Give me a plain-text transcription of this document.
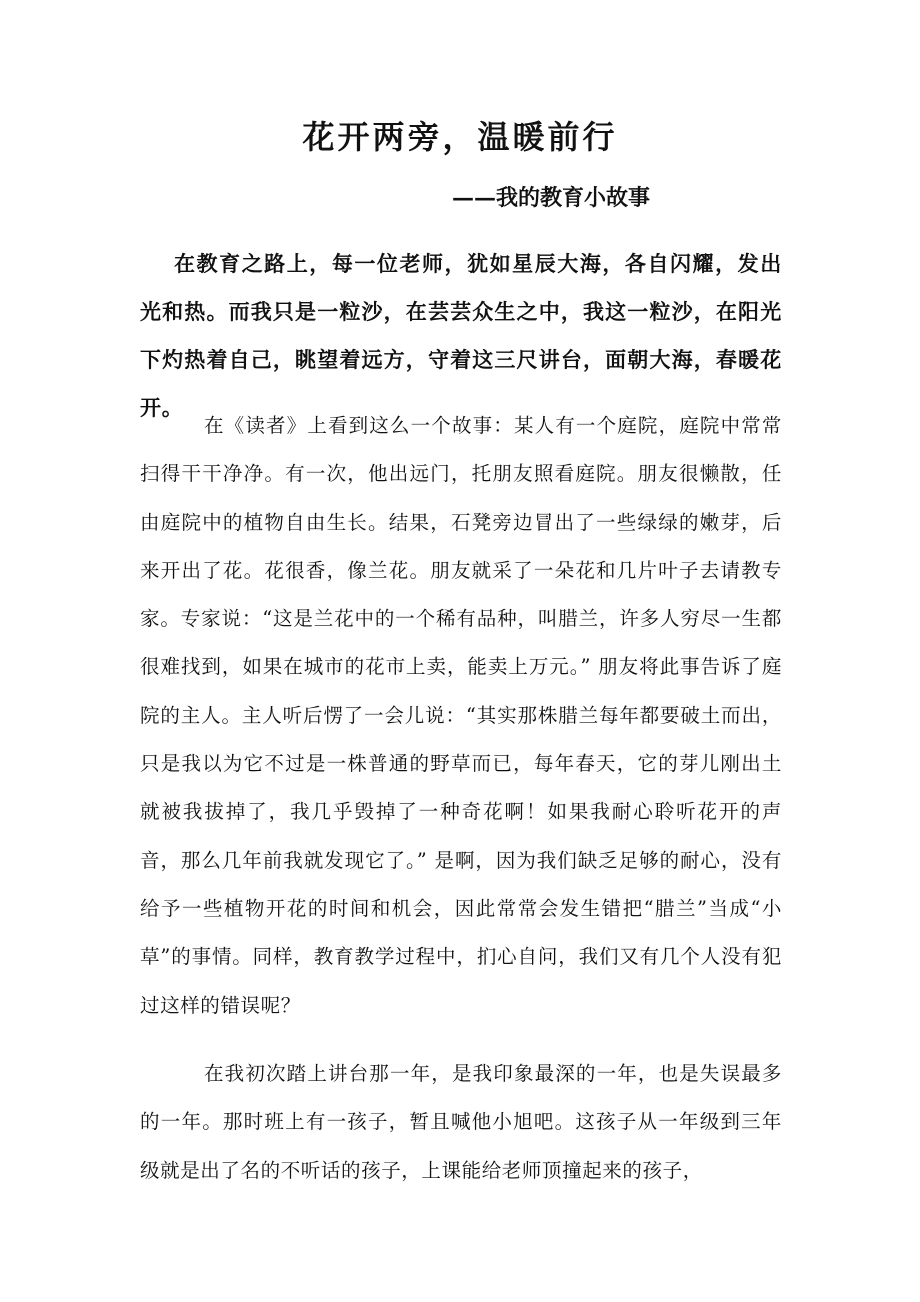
花开两旁，温暖前行
——我的教育小故事

在教育之路上，每一位老师，犹如星辰大海，各自闪耀，发出光和热。而我只是一粒沙，在芸芸众生之中，我这一粒沙，在阳光下灼热着自己，眺望着远方，守着这三尺讲台，面朝大海，春暖花开。

在《读者》上看到这么一个故事：某人有一个庭院，庭院中常常扫得干干净净。有一次，他出远门，托朋友照看庭院。朋友很懒散，任由庭院中的植物自由生长。结果，石凳旁边冒出了一些绿绿的嫩芽，后来开出了花。花很香，像兰花。朋友就采了一朵花和几片叶子去请教专家。专家说：“这是兰花中的一个稀有品种，叫腊兰，许多人穷尽一生都很难找到，如果在城市的花市上卖，能卖上万元。” 朋友将此事告诉了庭院的主人。主人听后愣了一会儿说：“其实那株腊兰每年都要破土而出，只是我以为它不过是一株普通的野草而已，每年春天，它的芽儿刚出土就被我拔掉了，我几乎毁掉了一种奇花啊！如果我耐心聆听花开的声音，那么几年前我就发现它了。” 是啊，因为我们缺乏足够的耐心，没有给予一些植物开花的时间和机会，因此常常会发生错把“腊兰”当成“小草”的事情。同样，教育教学过程中，扪心自问，我们又有几个人没有犯过这样的错误呢？

在我初次踏上讲台那一年，是我印象最深的一年，也是失误最多的一年。那时班上有一孩子，暂且喊他小旭吧。这孩子从一年级到三年级就是出了名的不听话的孩子，上课能给老师顶撞起来的孩子，
